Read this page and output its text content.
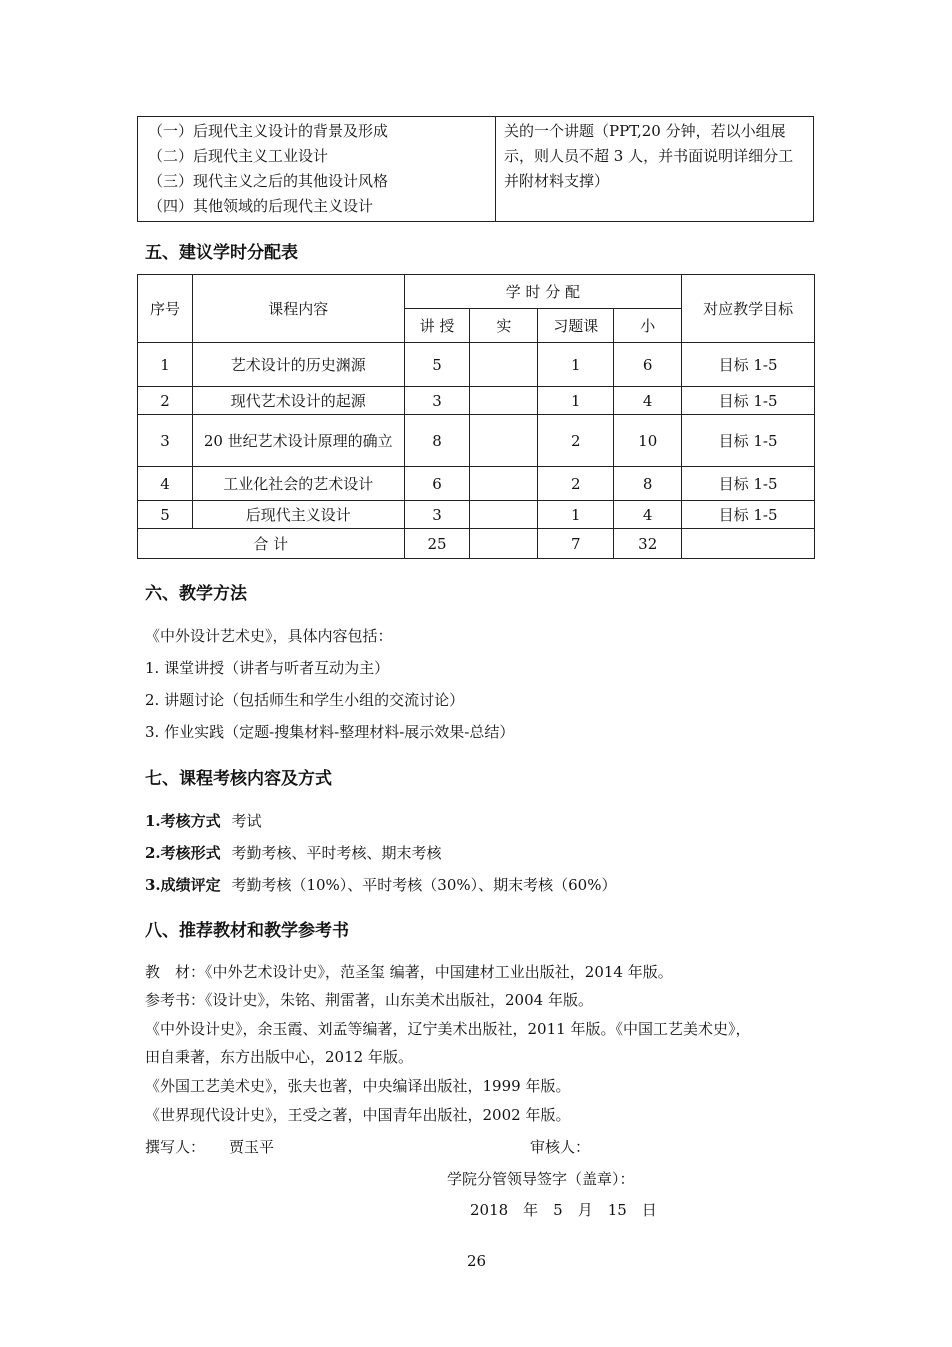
（一）后现代主义设计的背景及形成
（二）后现代主义工业设计
（三）现代主义之后的其他设计风格
（四）其他领域的后现代主义设计

关的一个讲题（PPT,20 分钟，若以小组展
示，则人员不超 3 人，并书面说明详细分工
并附材料支撑）
五、建议学时分配表
序号	课程内容	学 时 分 配				对应教学目标
		讲 授	实	习题课	小	
1	艺术设计的历史渊源	5		1	6	目标 1-5
2	现代艺术设计的起源	3		1	4	目标 1-5
3	20 世纪艺术设计原理的确立	8		2	10	目标 1-5
4	工业化社会的艺术设计	6		2	8	目标 1-5
5	后现代主义设计	3		1	4	目标 1-5
合 计		25		7	32	
六、教学方法
《中外设计艺术史》，具体内容包括：
1. 课堂讲授（讲者与听者互动为主）
2. 讲题讨论（包括师生和学生小组的交流讨论）
3. 作业实践（定题-搜集材料-整理材料-展示效果-总结）
七、课程考核内容及方式
1.考核方式 考试
2.考核形式 考勤考核、平时考核、期末考核
3.成绩评定 考勤考核（10%）、平时考核（30%）、期末考核（60%）
八、推荐教材和教学参考书
教　材：《中外艺术设计史》，范圣玺 编著，中国建材工业出版社，2014 年版。
参考书：《设计史》，朱铭、荆雷著，山东美术出版社，2004 年版。
《中外设计史》，余玉霞、刘孟等编著，辽宁美术出版社，2011 年版。《中国工艺美术史》，
田自秉著，东方出版中心，2012 年版。
《外国工艺美术史》，张夫也著，中央编译出版社，1999 年版。
《世界现代设计史》，王受之著，中国青年出版社，2002 年版。
撰写人： 贾玉平	审核人：
学院分管领导签字（盖章）：
2018　年　5　月　15　日
26
